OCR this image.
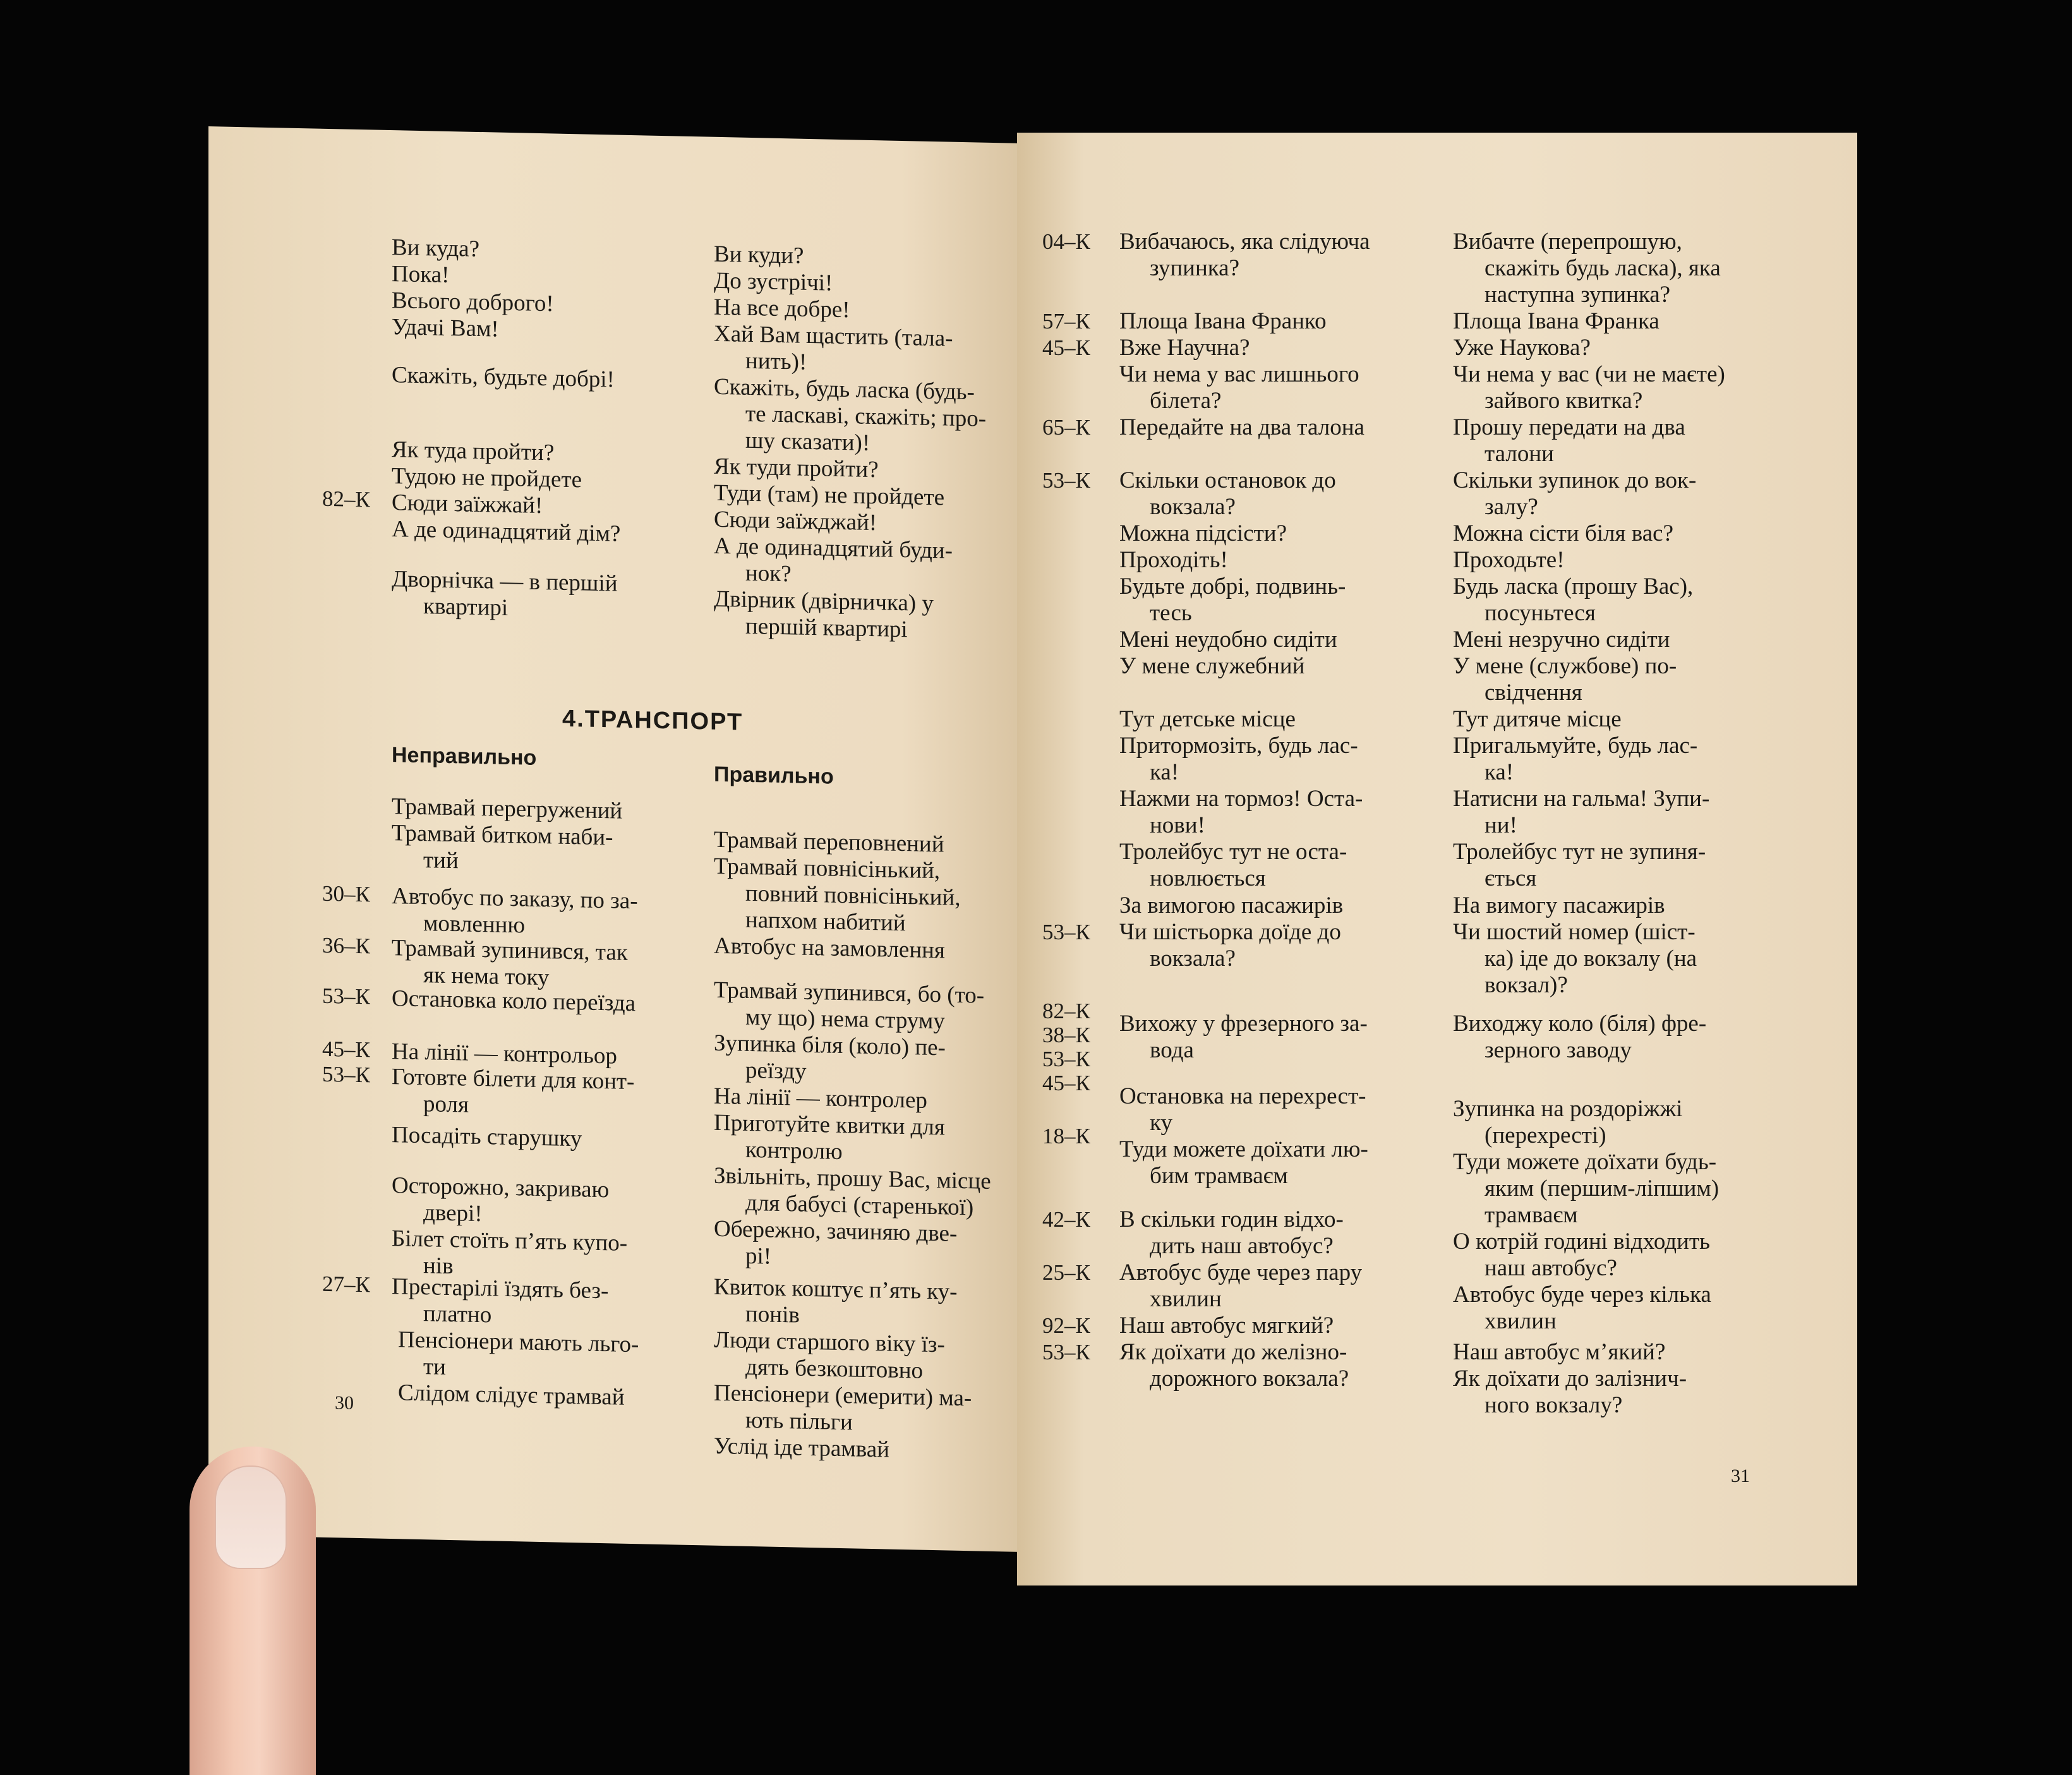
Ви куда?
Пока!
Всього доброго!
Удачі Вам!
Скажіть, будьте добрі!
Як туда пройти?
Тудою не пройдете
82–К Сюди заїжжай!
А де одинадцятий дім?
Дворнічка — в першій
квартирі
Ви куди?
До зустрічі!
На все добре!
Хай Вам щастить (тала-
нить)!
Скажіть, будь ласка (будь-
те ласкаві, скажіть; про-
шу сказати)!
Як туди пройти?
Туди (там) не пройдете
Сюди заїжджай!
А де одинадцятий буди-
нок?
Двірник (двірничка) у
першій квартирі
4.ТРАНСПОРТ
Неправильно
Правильно
30–К
36–К
53–К
45–К
53–К
27–К
Трамвай перегружений
Трамвай битком наби-
тий
Автобус по заказу, по за-
мовленню
Трамвай зупинився, так
як нема току
Остановка коло переїзда
На лінії — контрольор
Готовте білети для конт-
роля
Посадіть старушку
Осторожно, закриваю
двері!
Білет стоїть п’ять купо-
нів
Престарілі їздять без-
платно
Пенсіонери мають льго-
ти
Слідом слідує трамвай
Трамвай переповнений
Трамвай повнісінький,
повний повнісінький,
напхом набитий
Автобус на замовлення
Трамвай зупинився, бо (то-
му що) нема струму
Зупинка біля (коло) пе-
реїзду
На лінії — контролер
Приготуйте квитки для
контролю
Звільніть, прошу Вас, місце
для бабусі (старенької)
Обережно, зачиняю две-
рі!
Квиток коштує п’ять ку-
понів
Люди старшого віку їз-
дять безкоштовно
Пенсіонери (емерити) ма-
ють пільги
Услід іде трамвай
30
04–К
57–К
45–К
65–К
53–К
53–К
82–К
38–К
53–К
45–К
18–К
42–К
25–К
92–К
53–К
Вибачаюсь, яка слідуюча
зупинка?
Площа Івана Франко
Вже Научна?
Чи нема у вас лишнього
білета?
Передайте на два талона
Скільки остановок до
вокзала?
Можна підсісти?
Проходіть!
Будьте добрі, подвинь-
тесь
Мені неудобно сидіти
У мене служебний
Тут детське місце
Притормозіть, будь лас-
ка!
Нажми на тормоз! Оста-
нови!
Тролейбус тут не оста-
новлюється
За вимогою пасажирів
Чи шістьорка доїде до
вокзала?
Вихожу у фрезерного за-
вода
Остановка на перехрест-
ку
Туди можете доїхати лю-
бим трамваєм
В скільки годин відхо-
дить наш автобус?
Автобус буде через пару
хвилин
Наш автобус мягкий?
Як доїхати до желізно-
дорожного вокзала?
Вибачте (перепрошую,
скажіть будь ласка), яка
наступна зупинка?
Площа Івана Франка
Уже Наукова?
Чи нема у вас (чи не маєте)
зайвого квитка?
Прошу передати на два
талони
Скільки зупинок до вок-
залу?
Можна сісти біля вас?
Проходьте!
Будь ласка (прошу Вас),
посуньтеся
Мені незручно сидіти
У мене (службове) по-
свідчення
Тут дитяче місце
Пригальмуйте, будь лас-
ка!
Натисни на гальма! Зупи-
ни!
Тролейбус тут не зупиня-
ється
На вимогу пасажирів
Чи шостий номер (шіст-
ка) іде до вокзалу (на
вокзал)?
Виходжу коло (біля) фре-
зерного заводу
Зупинка на роздоріжжі
(перехресті)
Туди можете доїхати будь-
яким (першим-ліпшим)
трамваєм
О котрій годині відходить
наш автобус?
Автобус буде через кілька
хвилин
Наш автобус м’який?
Як доїхати до залізнич-
ного вокзалу?
31
